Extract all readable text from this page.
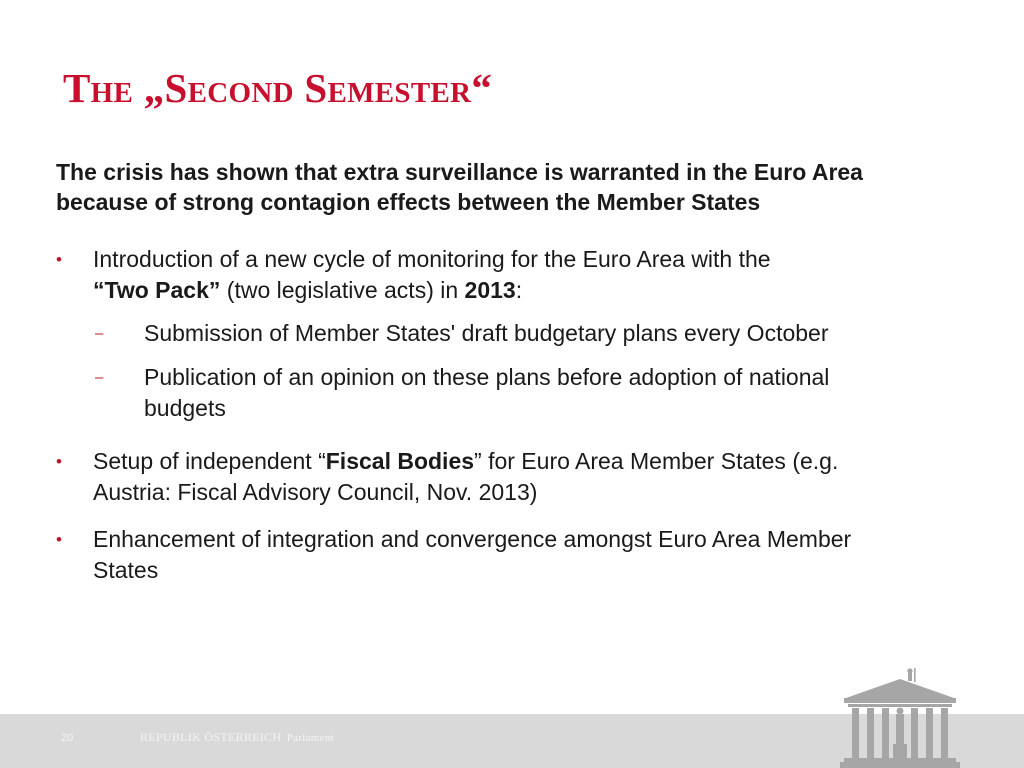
The „Second Semester“

The crisis has shown that extra surveillance is warranted in the Euro Area because of strong contagion effects between the Member States

• Introduction of a new cycle of monitoring for the Euro Area with the
“Two Pack” (two legislative acts) in 2013:
– Submission of Member States' draft budgetary plans every October
– Publication of an opinion on these plans before adoption of national budgets
• Setup of independent “Fiscal Bodies” for Euro Area Member States (e.g. Austria: Fiscal Advisory Council, Nov. 2013)
• Enhancement of integration and convergence amongst Euro Area Member States
20	REPUBLIK ÖSTERREICH Parlament
